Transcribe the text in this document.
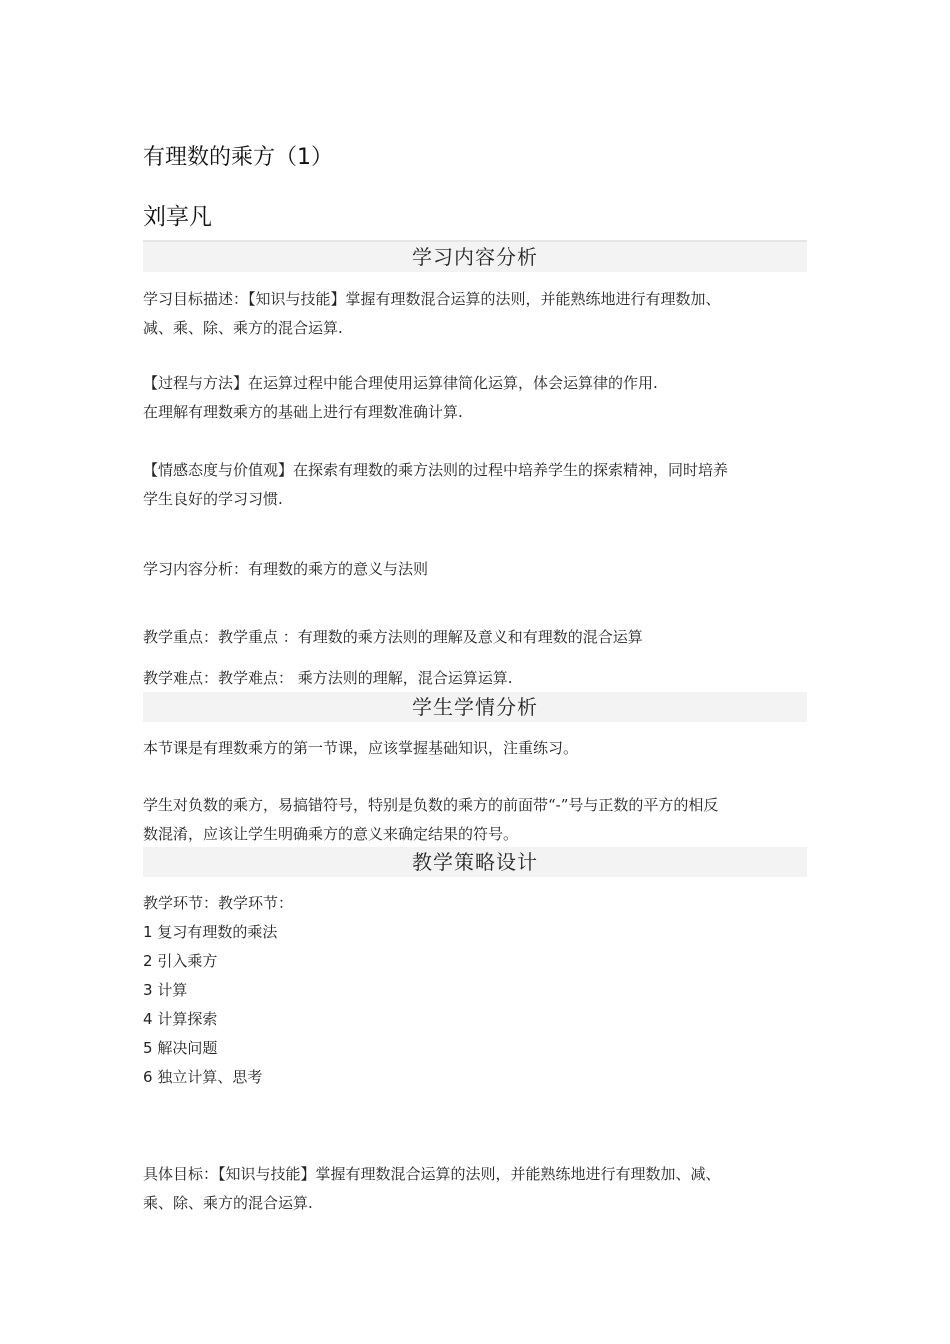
有理数的乘方（1）
刘享凡
学习内容分析
学习目标描述：【知识与技能】掌握有理数混合运算的法则，并能熟练地进行有理数加、
减、乘、除、乘方的混合运算.
【过程与方法】在运算过程中能合理使用运算律简化运算，体会运算律的作用.
在理解有理数乘方的基础上进行有理数准确计算.
【情感态度与价值观】在探索有理数的乘方法则的过程中培养学生的探索精神，同时培养
学生良好的学习习惯.
学习内容分析：有理数的乘方的意义与法则
教学重点：教学重点 ：有理数的乘方法则的理解及意义和有理数的混合运算
教学难点：教学难点： 乘方法则的理解，混合运算运算.
学生学情分析
本节课是有理数乘方的第一节课，应该掌握基础知识，注重练习。
学生对负数的乘方，易搞错符号，特别是负数的乘方的前面带“-”号与正数的平方的相反
数混淆，应该让学生明确乘方的意义来确定结果的符号。
教学策略设计
教学环节：教学环节：
1 复习有理数的乘法
2 引入乘方
3 计算
4 计算探索
5 解决问题
6 独立计算、思考
具体目标：【知识与技能】掌握有理数混合运算的法则，并能熟练地进行有理数加、减、
乘、除、乘方的混合运算.
